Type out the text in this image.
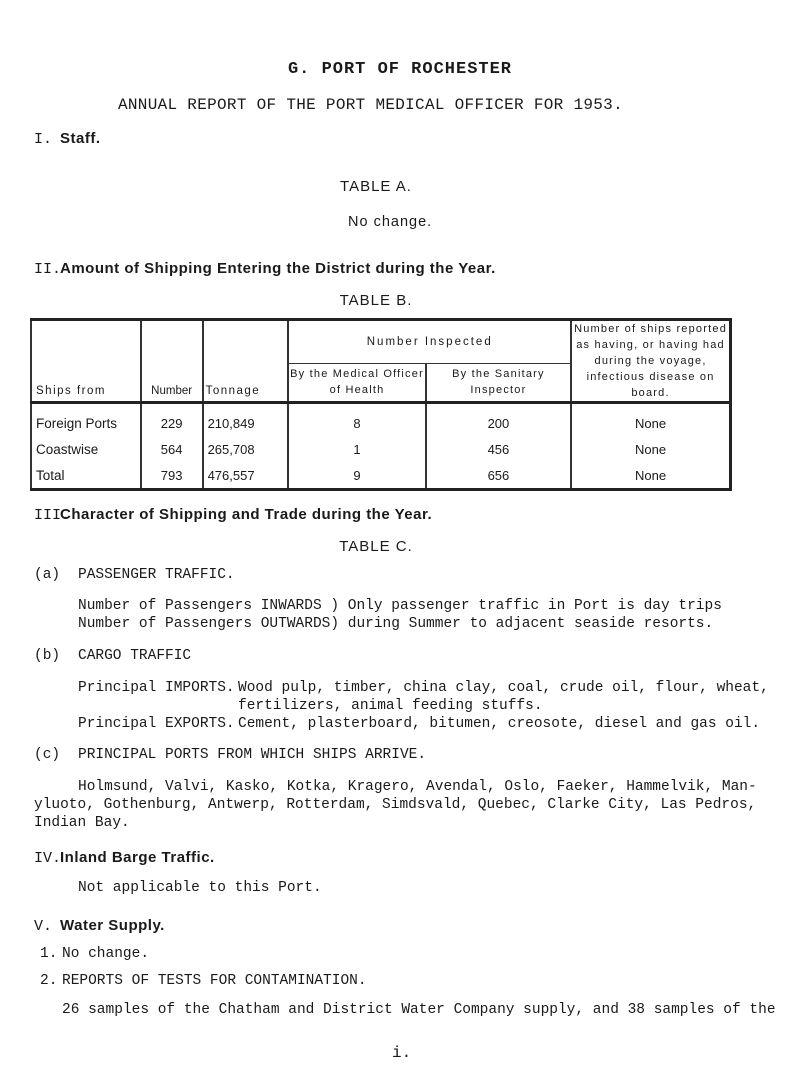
G. PORT OF ROCHESTER
ANNUAL REPORT OF THE PORT MEDICAL OFFICER FOR 1953.
I. Staff.
TABLE A.
No change.
II.Amount of Shipping Entering the District during the Year.
TABLE B.
Ships from	Number	Tonnage	Number Inspected		Number of ships reported as having, or having had during the voyage, infectious disease on board.

			By the Medical Officer of Health	By the Sanitary Inspector	

Foreign Ports	229	210,849	8	200	None
Coastwise	564	265,708	1	456	None
Total	793	476,557	9	656	None
III.Character of Shipping and Trade during the Year.
TABLE C.
(a) PASSENGER TRAFFIC.
Number of Passengers INWARDS ) Only passenger traffic in Port is day trips
Number of Passengers OUTWARDS) during Summer to adjacent seaside resorts.
(b) CARGO TRAFFIC
Principal IMPORTS. Wood pulp, timber, china clay, coal, crude oil, flour, wheat,
fertilizers, animal feeding stuffs.
Principal EXPORTS. Cement, plasterboard, bitumen, creosote, diesel and gas oil.
(c) PRINCIPAL PORTS FROM WHICH SHIPS ARRIVE.
Holmsund, Valvi, Kasko, Kotka, Kragero, Avendal, Oslo, Faeker, Hammelvik, Man-
yluoto, Gothenburg, Antwerp, Rotterdam, Simdsvald, Quebec, Clarke City, Las Pedros,
Indian Bay.
IV.Inland Barge Traffic.
Not applicable to this Port.
V. Water Supply.
1. No change.
2. REPORTS OF TESTS FOR CONTAMINATION.
26 samples of the Chatham and District Water Company supply, and 38 samples of the
i.
